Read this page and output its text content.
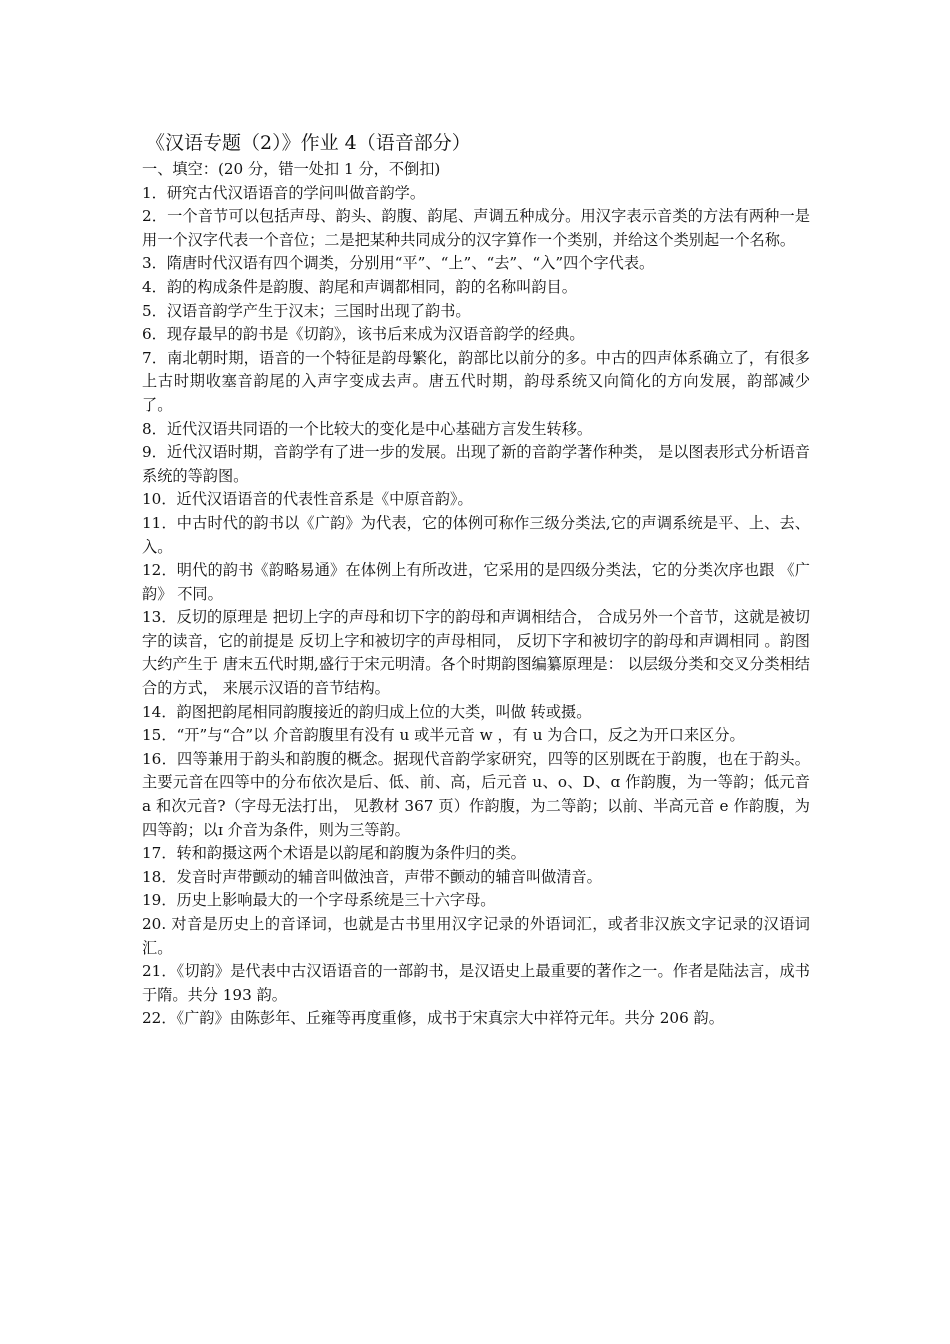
《汉语专题（2）》作业 4（语音部分）

一、填空：(20 分，错一处扣 1 分，不倒扣)

1．研究古代汉语语音的学问叫做音韵学。

2．一个音节可以包括声母、韵头、韵腹、韵尾、声调五种成分。用汉字表示音类的方法有两种一是用一个汉字代表一个音位；二是把某种共同成分的汉字算作一个类别，并给这个类别起一个名称。

3．隋唐时代汉语有四个调类，分别用“平”、“上”、“去”、“入”四个字代表。

4．韵的构成条件是韵腹、韵尾和声调都相同，韵的名称叫韵目。

5．汉语音韵学产生于汉末；三国时出现了韵书。

6．现存最早的韵书是《切韵》，该书后来成为汉语音韵学的经典。

7．南北朝时期，语音的一个特征是韵母繁化，韵部比以前分的多。中古的四声体系确立了，有很多上古时期收塞音韵尾的入声字变成去声。唐五代时期，韵母系统又向简化的方向发展，韵部减少了。

8．近代汉语共同语的一个比较大的变化是中心基础方言发生转移。

9．近代汉语时期，音韵学有了进一步的发展。出现了新的音韵学著作种类， 是以图表形式分析语音系统的等韵图。

10．近代汉语语音的代表性音系是《中原音韵》。

11．中古时代的韵书以《广韵》为代表，它的体例可称作三级分类法,它的声调系统是平、上、去、入。

12．明代的韵书《韵略易通》在体例上有所改进，它采用的是四级分类法，它的分类次序也跟 《广韵》 不同。

13．反切的原理是 把切上字的声母和切下字的韵母和声调相结合， 合成另外一个音节，这就是被切字的读音，它的前提是 反切上字和被切字的声母相同， 反切下字和被切字的韵母和声调相同 。韵图大约产生于 唐末五代时期,盛行于宋元明清。各个时期韵图编纂原理是： 以层级分类和交叉分类相结合的方式， 来展示汉语的音节结构。

14．韵图把韵尾相同韵腹接近的韵归成上位的大类，叫做 转或摄。

15．“开”与“合”以 介音韵腹里有没有 u 或半元音 w ，有 u 为合口，反之为开口来区分。

16．四等兼用于韵头和韵腹的概念。据现代音韵学家研究，四等的区别既在于韵腹，也在于韵头。主要元音在四等中的分布依次是后、低、前、高，后元音 u、o、D、ɑ 作韵腹，为一等韵；低元音 a 和次元音?（字母无法打出， 见教材 367 页）作韵腹，为二等韵；以前、半高元音 e 作韵腹，为四等韵；以ɪ 介音为条件，则为三等韵。

17．转和韵摄这两个术语是以韵尾和韵腹为条件归的类。

18．发音时声带颤动的辅音叫做浊音，声带不颤动的辅音叫做清音。

19．历史上影响最大的一个字母系统是三十六字母。

20. 对音是历史上的音译词，也就是古书里用汉字记录的外语词汇，或者非汉族文字记录的汉语词汇。

21．《切韵》是代表中古汉语语音的一部韵书，是汉语史上最重要的著作之一。作者是陆法言，成书于隋。共分 193 韵。

22．《广韵》由陈彭年、丘雍等再度重修，成书于宋真宗大中祥符元年。共分 206 韵。
